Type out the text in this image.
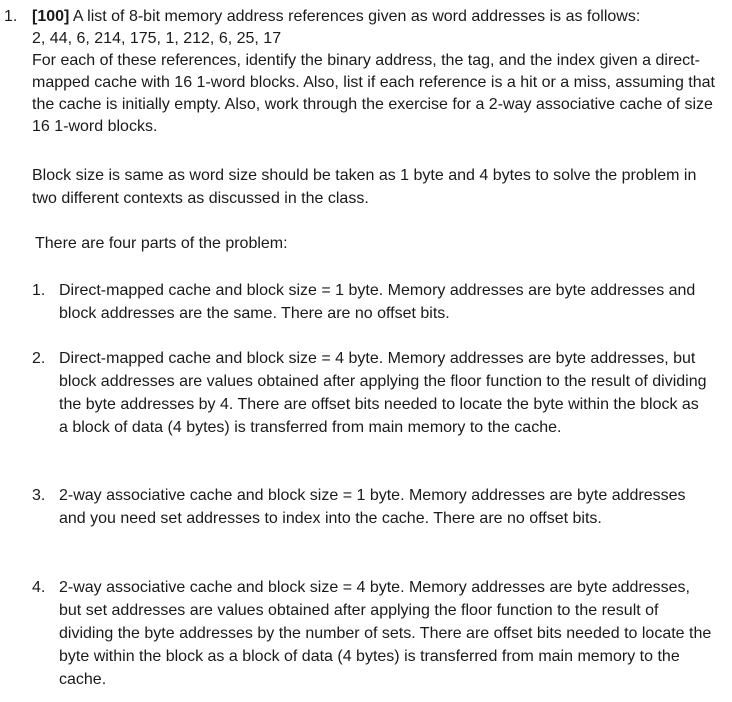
1. [100] A list of 8-bit memory address references given as word addresses is as follows:

2, 44, 6, 214, 175, 1, 212, 6, 25, 17

For each of these references, identify the binary address, the tag, and the index given a direct-mapped cache with 16 1-word blocks. Also, list if each reference is a hit or a miss, assuming that the cache is initially empty. Also, work through the exercise for a 2-way associative cache of size 16 1-word blocks.

Block size is same as word size should be taken as 1 byte and 4 bytes to solve the problem in two different contexts as discussed in the class.

There are four parts of the problem:

1. Direct-mapped cache and block size = 1 byte. Memory addresses are byte addresses and block addresses are the same. There are no offset bits.
2. Direct-mapped cache and block size = 4 byte. Memory addresses are byte addresses, but block addresses are values obtained after applying the floor function to the result of dividing the byte addresses by 4. There are offset bits needed to locate the byte within the block as a block of data (4 bytes) is transferred from main memory to the cache.
3. 2-way associative cache and block size = 1 byte. Memory addresses are byte addresses and you need set addresses to index into the cache. There are no offset bits.
4. 2-way associative cache and block size = 4 byte. Memory addresses are byte addresses, but set addresses are values obtained after applying the floor function to the result of dividing the byte addresses by the number of sets. There are offset bits needed to locate the byte within the block as a block of data (4 bytes) is transferred from main memory to the cache.
